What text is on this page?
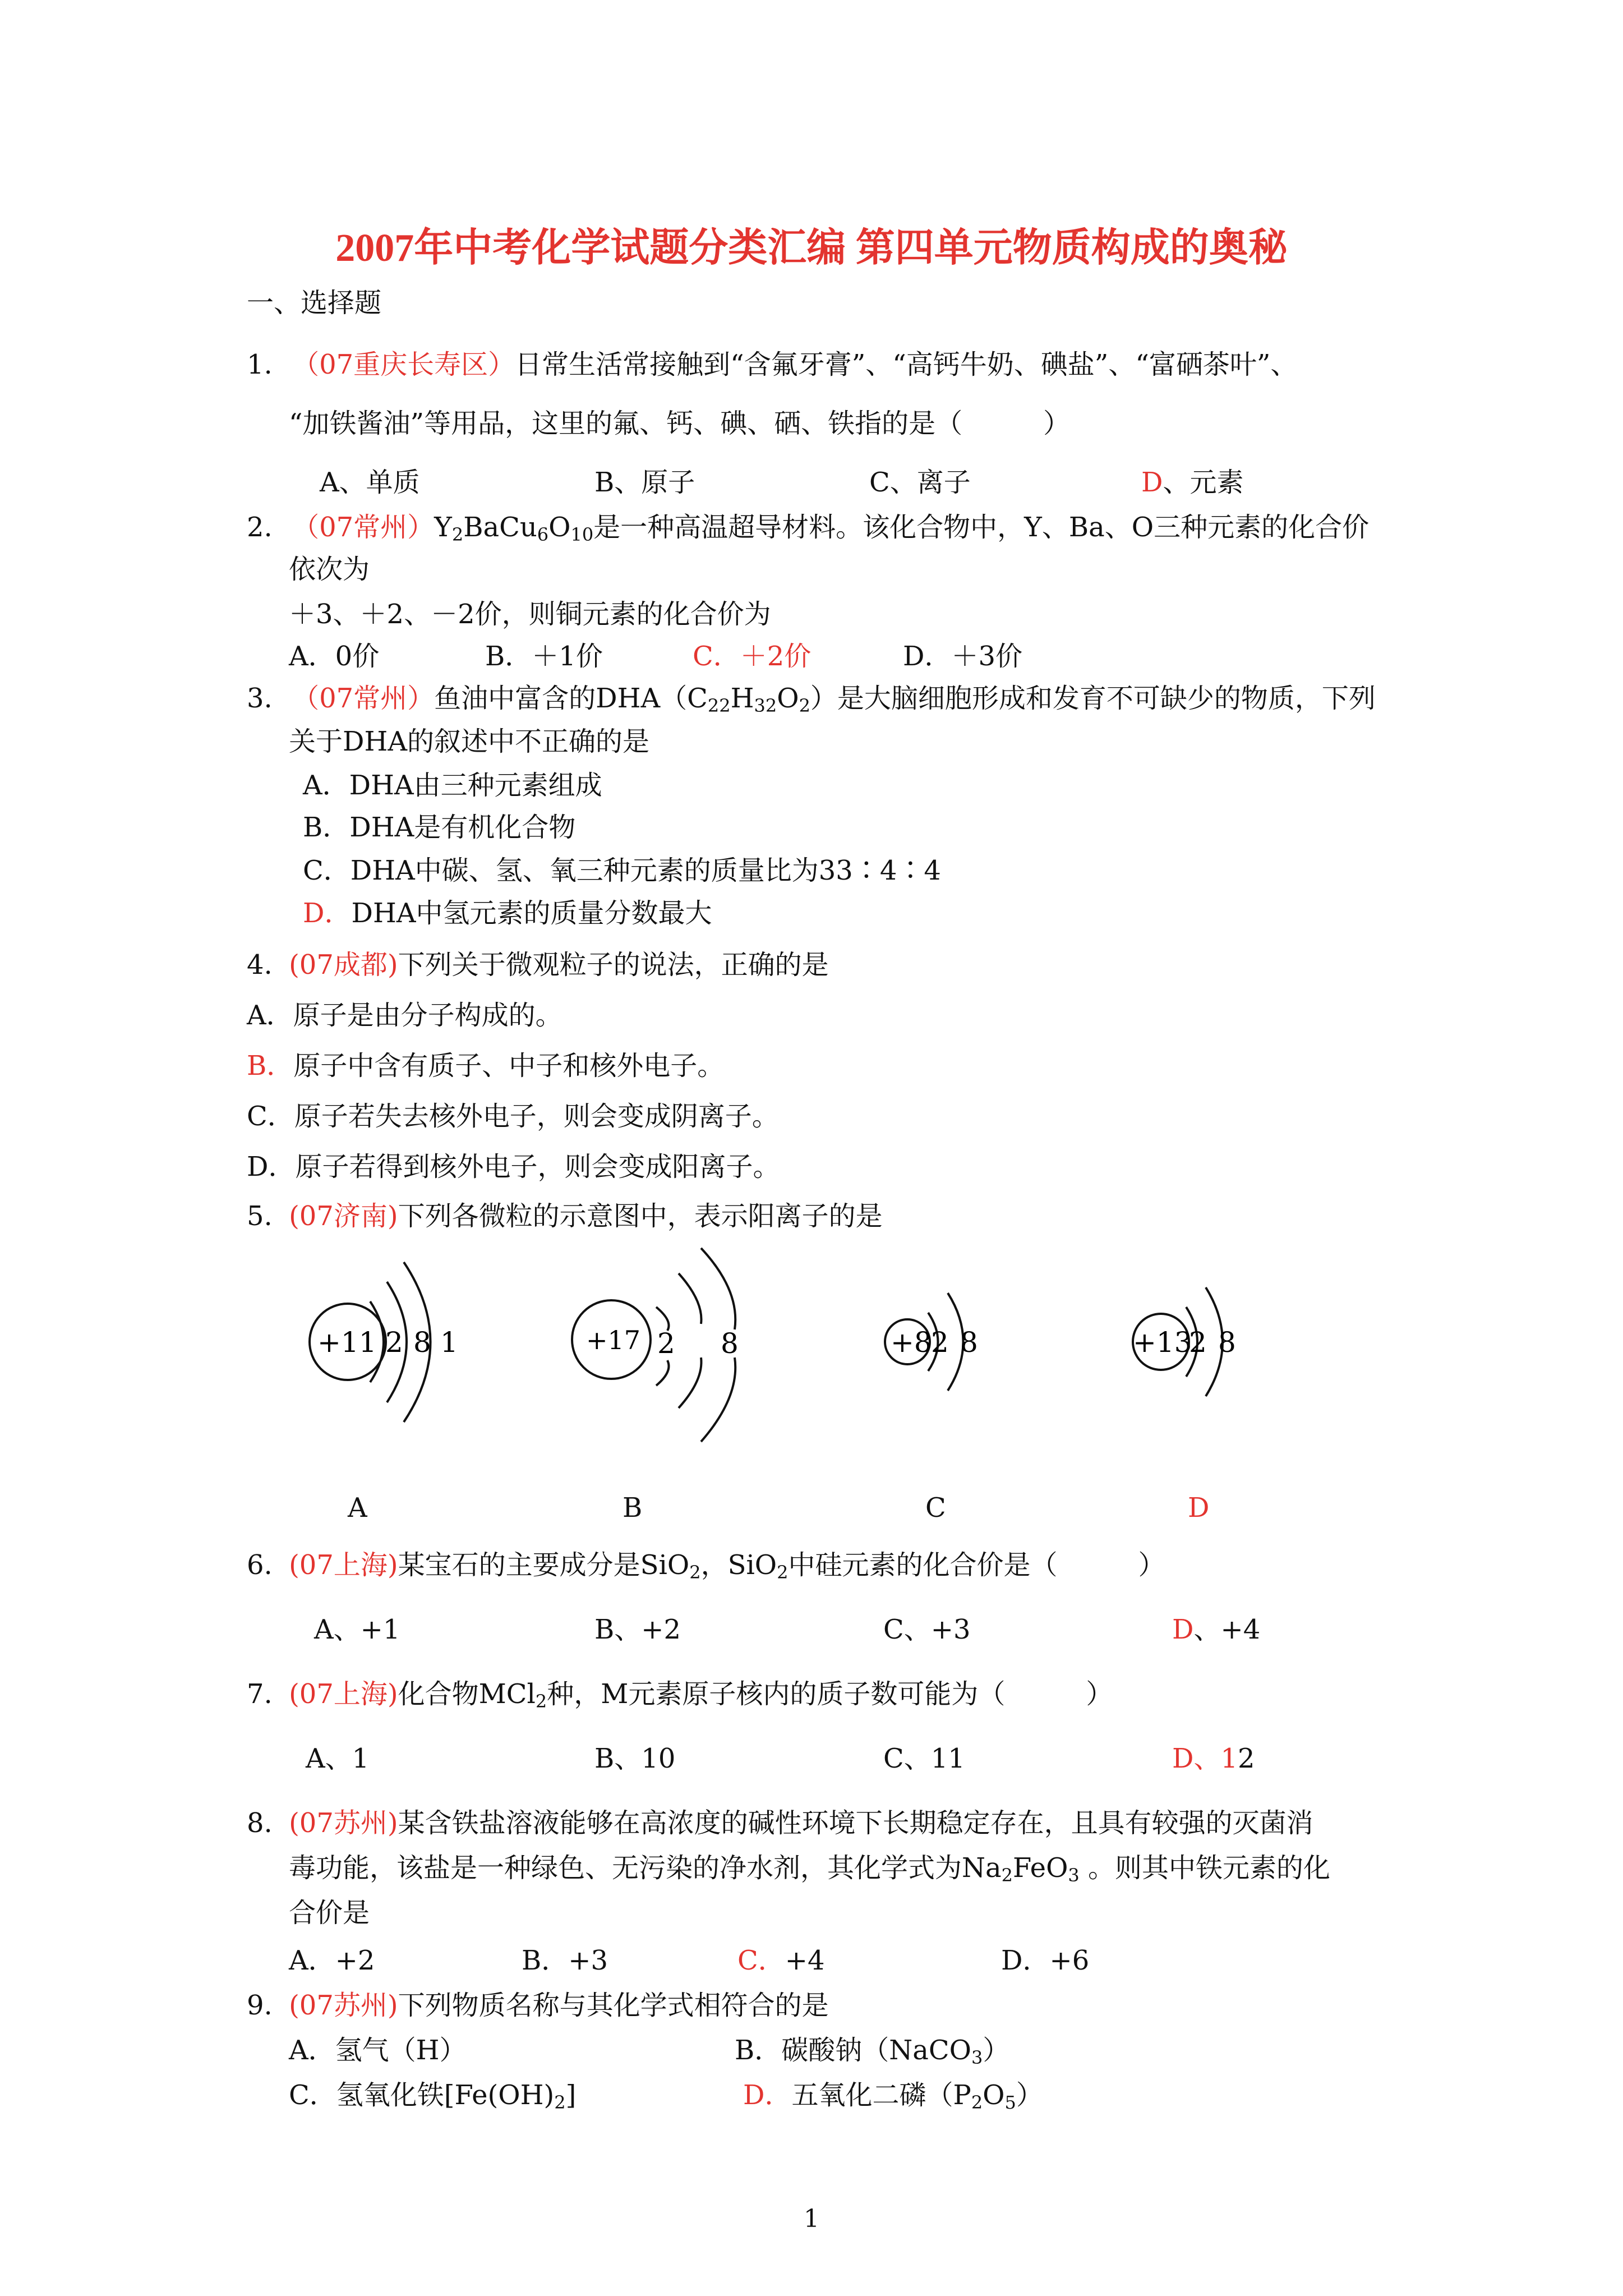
2007年中考化学试题分类汇编 第四单元物质构成的奥秘
一、选择题
1. （07重庆长寿区）日常生活常接触到“含氟牙膏”、“高钙牛奶、碘盐”、“富硒茶叶”、
“加铁酱油”等用品，这里的氟、钙、碘、硒、铁指的是（　　　）
A、单质	B、原子	C、离子	D、元素
2. （07常州）$Y_2BaCu_6O_{10}$是一种高温超导材料。该化合物中，Y、Ba、O三种元素的化合价
依次为
＋3、＋2、－2价，则铜元素的化合价为
A．0价	B．＋1价	C．＋2价	D．＋3价
3. （07常州）鱼油中富含的$DHA(C_{22}H_{32}O_2)$是大脑细胞形成和发育不可缺少的物质，下列
关于DHA的叙述中不正确的是
A．DHA由三种元素组成
B．DHA是有机化合物
C．DHA中碳、氢、氧三种元素的质量比为33∶4∶4
D．DHA中氢元素的质量分数最大
4. (07成都)下列关于微观粒子的说法，正确的是
A．原子是由分子构成的。
B．原子中含有质子、中子和核外电子。
C．原子若失去核外电子，则会变成阴离子。
D．原子若得到核外电子，则会变成阳离子。
5. (07济南)下列各微粒的示意图中，表示阳离子的是
+11 2 8 1	+17 2 8	+8
2 8	+13
2 8
A	B	C	D
6. (07上海)某宝石的主要成分是SiO$_2$，SiO$_2$中硅元素的化合价是（　　　）
A、+1	B、+2	C、+3	D、+4
7. (07上海)化合物MCl$_2$种，M元素原子核内的质子数可能为（　　　）
A、1	B、10	C、11	D、12
8. (07苏州)某含铁盐溶液能够在高浓度的碱性环境下长期稳定存在，且具有较强的灭菌消
毒功能，该盐是一种绿色、无污染的净水剂，其化学式为$Na_2FeO_3$ 。则其中铁元素的化
合价是
A．+2	B．+3	C．+4	D．+6
9. (07苏州)下列物质名称与其化学式相符合的是
A．氢气（H）	B．碳酸钠（NaCO$_3$）
C．氢氧化铁$[Fe(OH)_2]$	D．五氧化二磷$(P_2O_5)$
1
